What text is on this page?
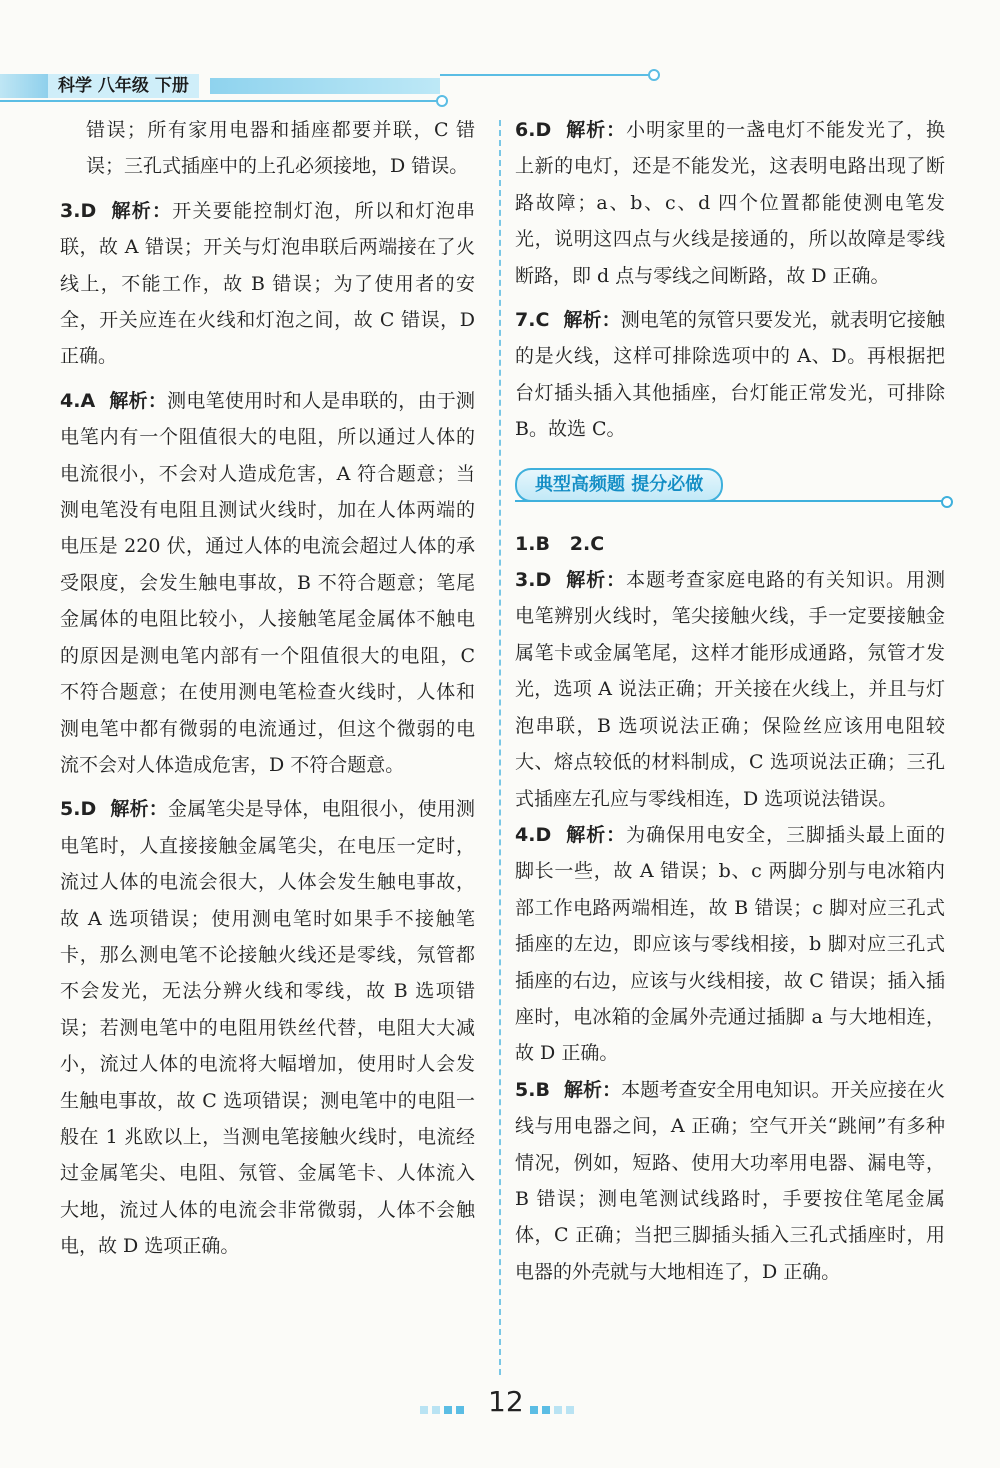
科学 八年级 下册

错误；所有家用电器和插座都要并联，C 错误；三孔式插座中的上孔必须接地，D 错误。

3.D 解析：开关要能控制灯泡，所以和灯泡串联，故 A 错误；开关与灯泡串联后两端接在了火线上，不能工作，故 B 错误；为了使用者的安全，开关应连在火线和灯泡之间，故 C 错误，D 正确。

4.A 解析：测电笔使用时和人是串联的，由于测电笔内有一个阻值很大的电阻，所以通过人体的电流很小，不会对人造成危害，A 符合题意；当测电笔没有电阻且测试火线时，加在人体两端的电压是 220 伏，通过人体的电流会超过人体的承受限度，会发生触电事故，B 不符合题意；笔尾金属体的电阻比较小，人接触笔尾金属体不触电的原因是测电笔内部有一个阻值很大的电阻，C 不符合题意；在使用测电笔检查火线时，人体和测电笔中都有微弱的电流通过，但这个微弱的电流不会对人体造成危害，D 不符合题意。

5.D 解析：金属笔尖是导体，电阻很小，使用测电笔时，人直接接触金属笔尖，在电压一定时，流过人体的电流会很大，人体会发生触电事故，故 A 选项错误；使用测电笔时如果手不接触笔卡，那么测电笔不论接触火线还是零线，氖管都不会发光，无法分辨火线和零线，故 B 选项错误；若测电笔中的电阻用铁丝代替，电阻大大减小，流过人体的电流将大幅增加，使用时人会发生触电事故，故 C 选项错误；测电笔中的电阻一般在 1 兆欧以上，当测电笔接触火线时，电流经过金属笔尖、电阻、氖管、金属笔卡、人体流入大地，流过人体的电流会非常微弱，人体不会触电，故 D 选项正确。

6.D 解析：小明家里的一盏电灯不能发光了，换上新的电灯，还是不能发光，这表明电路出现了断路故障；a、b、c、d 四个位置都能使测电笔发光，说明这四点与火线是接通的，所以故障是零线断路，即 d 点与零线之间断路，故 D 正确。

7.C 解析：测电笔的氖管只要发光，就表明它接触的是火线，这样可排除选项中的 A、D。再根据把台灯插头插入其他插座，台灯能正常发光，可排除 B。故选 C。

典型高频题 提分必做

1.B   2.C

3.D 解析：本题考查家庭电路的有关知识。用测电笔辨别火线时，笔尖接触火线，手一定要接触金属笔卡或金属笔尾，这样才能形成通路，氖管才发光，选项 A 说法正确；开关接在火线上，并且与灯泡串联，B 选项说法正确；保险丝应该用电阻较大、熔点较低的材料制成，C 选项说法正确；三孔式插座左孔应与零线相连，D 选项说法错误。

4.D 解析：为确保用电安全，三脚插头最上面的脚长一些，故 A 错误；b、c 两脚分别与电冰箱内部工作电路两端相连，故 B 错误；c 脚对应三孔式插座的左边，即应该与零线相接，b 脚对应三孔式插座的右边，应该与火线相接，故 C 错误；插入插座时，电冰箱的金属外壳通过插脚 a 与大地相连，故 D 正确。

5.B 解析：本题考查安全用电知识。开关应接在火线与用电器之间，A 正确；空气开关“跳闸”有多种情况，例如，短路、使用大功率用电器、漏电等，B 错误；测电笔测试线路时，手要按住笔尾金属体，C 正确；当把三脚插头插入三孔式插座时，用电器的外壳就与大地相连了，D 正确。

12
